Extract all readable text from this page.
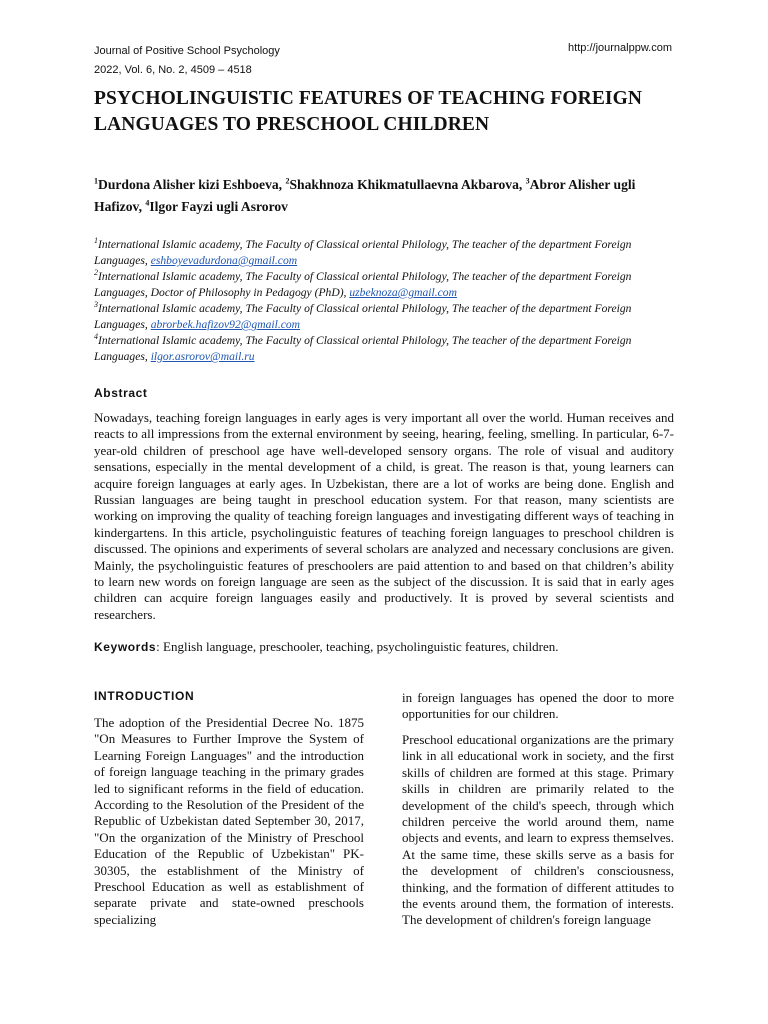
Journal of Positive School Psychology
2022, Vol. 6, No. 2, 4509 – 4518
http://journalppw.com
PSYCHOLINGUISTIC FEATURES OF TEACHING FOREIGN LANGUAGES TO PRESCHOOL CHILDREN

$^1$Durdona Alisher kizi Eshboeva, $^2$Shakhnoza Khikmatullaevna Akbarova, $^3$Abror Alisher ugli Hafizov, $^4$Ilgor Fayzi ugli Asrorov

$^1$International Islamic academy, The Faculty of Classical oriental Philology, The teacher of the department Foreign Languages, eshboyevadurdona@gmail.com

$^2$International Islamic academy, The Faculty of Classical oriental Philology, The teacher of the department Foreign Languages, Doctor of Philosophy in Pedagogy (PhD), uzbeknoza@gmail.com

$^3$International Islamic academy, The Faculty of Classical oriental Philology, The teacher of the department Foreign Languages, abrorbek.hafizov92@gmail.com

$^4$International Islamic academy, The Faculty of Classical oriental Philology, The teacher of the department Foreign Languages, ilgor.asrorov@mail.ru

Abstract

Nowadays, teaching foreign languages in early ages is very important all over the world. Human receives and reacts to all impressions from the external environment by seeing, hearing, feeling, smelling. In particular, 6-7-year-old children of preschool age have well-developed sensory organs. The role of visual and auditory sensations, especially in the mental development of a child, is great. The reason is that, young learners can acquire foreign languages at early ages. In Uzbekistan, there are a lot of works are being done. English and Russian languages are being taught in preschool education system. For that reason, many scientists are working on improving the quality of teaching foreign languages and investigating different ways of teaching in kindergartens. In this article, psycholinguistic features of teaching foreign languages to preschool children is discussed. The opinions and experiments of several scholars are analyzed and necessary conclusions are given. Mainly, the psycholinguistic features of preschoolers are paid attention to and based on that children’s ability to learn new words on foreign language are seen as the subject of the discussion. It is said that in early ages children can acquire foreign languages easily and productively. It is proved by several scientists and researchers.

Keywords: English language, preschooler, teaching, psycholinguistic features, children.

INTRODUCTION

The adoption of the Presidential Decree No. 1875 "On Measures to Further Improve the System of Learning Foreign Languages" and the introduction of foreign language teaching in the primary grades led to significant reforms in the field of education. According to the Resolution of the President of the Republic of Uzbekistan dated September 30, 2017, "On the organization of the Ministry of Preschool Education of the Republic of Uzbekistan" PK- 30305, the establishment of the Ministry of Preschool Education as well as establishment of separate private and state-owned preschools specializing

in foreign languages has opened the door to more opportunities for our children.

Preschool educational organizations are the primary link in all educational work in society, and the first skills of children are formed at this stage. Primary skills in children are primarily related to the development of the child's speech, through which children perceive the world around them, name objects and events, and learn to express themselves. At the same time, these skills serve as a basis for the development of children's consciousness, thinking, and the formation of different attitudes to the events around them, the formation of interests. The development of children's foreign language
